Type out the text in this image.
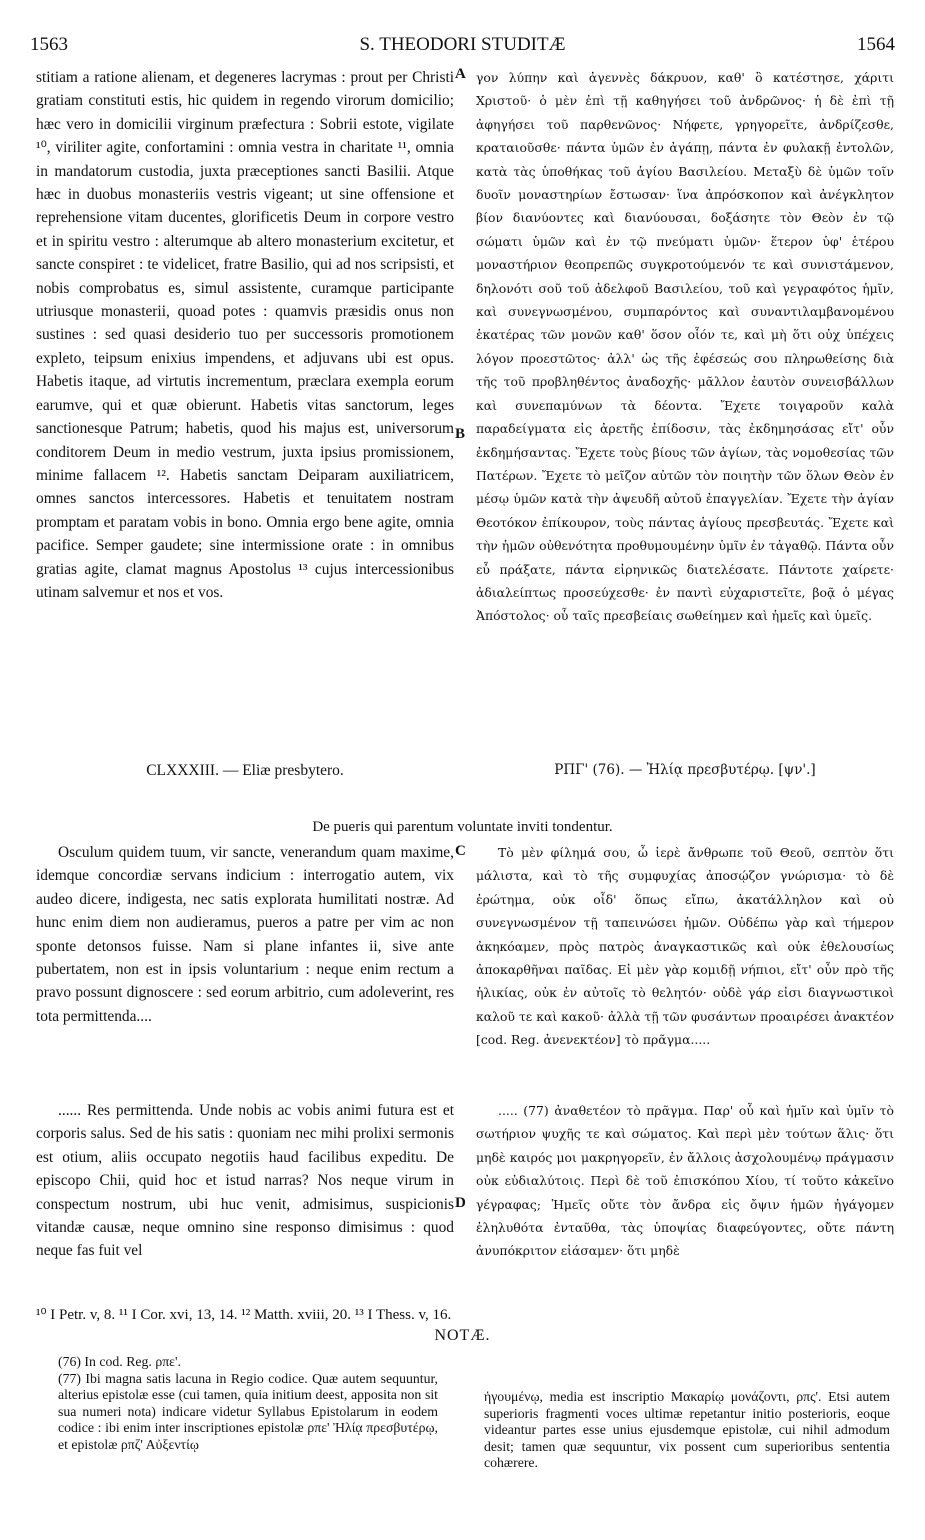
1563	S. THEODORI STUDITÆ	1564

stitiam a ratione alienam, et degeneres lacrymas : prout per Christi gratiam constituti estis, hic quidem in regendo virorum domicilio; hæc vero in domicilii virginum præfectura : Sobrii estote, vigilate ¹⁰, viriliter agite, confortamini : omnia vestra in charitate ¹¹, omnia in mandatorum custodia, juxta præceptiones sancti Basilii. Atque hæc in duobus monasteriis vestris vigeant; ut sine offensione et reprehensione vitam ducentes, glorificetis Deum in corpore vestro et in spiritu vestro : alterumque ab altero monasterium excitetur, et sancte conspiret : te videlicet, fratre Basilio, qui ad nos scripsisti, et nobis comprobatus es, simul assistente, curamque participante utriusque monasterii, quoad potes : quamvis præsidis onus non sustines : sed quasi desiderio tuo per successoris promotionem expleto, teipsum enixius impendens, et adjuvans ubi est opus. Habetis itaque, ad virtutis incrementum, præclara exempla eorum earumve, qui et quæ obierunt. Habetis vitas sanctorum, leges sanctionesque Patrum; habetis, quod his majus est, universorum conditorem Deum in medio vestrum, juxta ipsius promissionem, minime fallacem ¹². Habetis sanctam Deiparam auxiliatricem, omnes sanctos intercessores. Habetis et tenuitatem nostram promptam et paratam vobis in bono. Omnia ergo bene agite, omnia pacifice. Semper gaudete; sine intermissione orate : in omnibus gratias agite, clamat magnus Apostolus ¹³ cujus intercessionibus utinam salvemur et nos et vos.

γον λύπην καὶ ἀγεννὲς δάκρυον, καθ' ὃ κατέστησε, χάριτι Χριστοῦ· ὁ μὲν ἐπὶ τῇ καθηγήσει τοῦ ἀνδρῶνος· ἡ δὲ ἐπὶ τῇ ἀφηγήσει τοῦ παρθενῶνος· Νήφετε, γρηγορεῖτε, ἀνδρίζεσθε, κραταιοῦσθε· πάντα ὑμῶν ἐν ἀγάπῃ, πάντα ἐν φυλακῇ ἐντολῶν, κατὰ τὰς ὑποθήκας τοῦ ἁγίου Βασιλείου. Μεταξὺ δὲ ὑμῶν τοῖν δυοῖν μοναστηρίων ἔστωσαν· ἵνα ἀπρόσκοπον καὶ ἀνέγκλητον βίον διανύοντες καὶ διανύουσαι, δοξάσητε τὸν Θεὸν ἐν τῷ σώματι ὑμῶν καὶ ἐν τῷ πνεύματι ὑμῶν· ἕτερον ὑφ' ἑτέρου μοναστήριον θεοπρεπῶς συγκροτούμενόν τε καὶ συνιστάμενον, δηλονότι σοῦ τοῦ ἀδελφοῦ Βασιλείου, τοῦ καὶ γεγραφότος ἡμῖν, καὶ συνεγνωσμένου, συμπαρόντος καὶ συναντιλαμβανομένου ἑκατέρας τῶν μονῶν καθ' ὅσον οἷόν τε, καὶ μὴ ὅτι οὐχ ὑπέχεις λόγον προεστῶτος· ἀλλ' ὡς τῆς ἐφέσεώς σου πληρωθείσης διὰ τῆς τοῦ προβληθέντος ἀναδοχῆς· μᾶλλον ἑαυτὸν συνεισβάλλων καὶ συνεπαμύνων τὰ δέοντα. Ἔχετε τοιγαροῦν καλὰ παραδείγματα εἰς ἀρετῆς ἐπίδοσιν, τὰς ἐκδημησάσας εἴτ' οὖν ἐκδημήσαντας. Ἔχετε τοὺς βίους τῶν ἁγίων, τὰς νομοθεσίας τῶν Πατέρων. Ἔχετε τὸ μεῖζον αὐτῶν τὸν ποιητὴν τῶν ὅλων Θεὸν ἐν μέσῳ ὑμῶν κατὰ τὴν ἀψευδῆ αὐτοῦ ἐπαγγελίαν. Ἔχετε τὴν ἁγίαν Θεοτόκον ἐπίκουρον, τοὺς πάντας ἁγίους πρεσβευτάς. Ἔχετε καὶ τὴν ἡμῶν οὐθενότητα προθυμουμένην ὑμῖν ἐν τἀγαθῷ. Πάντα οὖν εὖ πράξατε, πάντα εἰρηνικῶς διατελέσατε. Πάντοτε χαίρετε· ἀδιαλείπτως προσεύχεσθε· ἐν παντὶ εὐχαριστεῖτε, βοᾷ ὁ μέγας Ἀπόστολος· οὗ ταῖς πρεσβείαις σωθείημεν καὶ ἡμεῖς καὶ ὑμεῖς.

A
B
C
D
CLXXXIII. — Eliæ presbytero.	ΡΠΓ' (76). — Ἠλίᾳ πρεσβυτέρῳ. [ψν'.]
De pueris qui parentum voluntate inviti tondentur.

Osculum quidem tuum, vir sancte, venerandum quam maxime, idemque concordiæ servans indicium : interrogatio autem, vix audeo dicere, indigesta, nec satis explorata humilitati nostræ. Ad hunc enim diem non audieramus, pueros a patre per vim ac non sponte detonsos fuisse. Nam si plane infantes ii, sive ante pubertatem, non est in ipsis voluntarium : neque enim rectum a pravo possunt dignoscere : sed eorum arbitrio, cum adoleverint, res tota permittenda....

Τὸ μὲν φίλημά σου, ὦ ἱερὲ ἄνθρωπε τοῦ Θεοῦ, σεπτὸν ὅτι μάλιστα, καὶ τὸ τῆς συμφυχίας ἀποσῴζον γνώρισμα· τὸ δὲ ἐρώτημα, οὐκ οἶδ' ὅπως εἴπω, ἀκατάλληλον καὶ οὐ συνεγνωσμένον τῇ ταπεινώσει ἡμῶν. Οὐδέπω γὰρ καὶ τήμερον ἀκηκόαμεν, πρὸς πατρὸς ἀναγκαστικῶς καὶ οὐκ ἐθελουσίως ἀποκαρθῆναι παῖδας. Εἰ μὲν γὰρ κομιδῇ νήπιοι, εἴτ' οὖν πρὸ τῆς ἡλικίας, οὐκ ἐν αὐτοῖς τὸ θελητόν· οὐδὲ γάρ εἰσι διαγνωστικοὶ καλοῦ τε καὶ κακοῦ· ἀλλὰ τῇ τῶν φυσάντων προαιρέσει ἀνακτέον [cod. Reg. ἀνενεκτέον] τὸ πρᾶγμα.....

...... Res permittenda. Unde nobis ac vobis animi futura est et corporis salus. Sed de his satis : quoniam nec mihi prolixi sermonis est otium, aliis occupato negotiis haud facilibus expeditu. De episcopo Chii, quid hoc et istud narras? Nos neque virum in conspectum nostrum, ubi huc venit, admisimus, suspicionis vitandæ causæ, neque omnino sine responso dimisimus : quod neque fas fuit vel

..... (77) ἀναθετέον τὸ πρᾶγμα. Παρ' οὗ καὶ ἡμῖν καὶ ὑμῖν τὸ σωτήριον ψυχῆς τε καὶ σώματος. Καὶ περὶ μὲν τούτων ἅλις· ὅτι μηδὲ καιρός μοι μακρηγορεῖν, ἐν ἄλλοις ἀσχολουμένῳ πράγμασιν οὐκ εὐδιαλύτοις. Περὶ δὲ τοῦ ἐπισκόπου Χίου, τί τοῦτο κἀκεῖνο γέγραφας; Ἡμεῖς οὔτε τὸν ἄνδρα εἰς ὄψιν ἡμῶν ἠγάγομεν ἐληλυθότα ἐνταῦθα, τὰς ὑποψίας διαφεύγοντες, οὔτε πάντη ἀνυπόκριτον εἰάσαμεν· ὅτι μηδὲ

¹⁰ I Petr. v, 8. ¹¹ I Cor. xvi, 13, 14. ¹² Matth. xviii, 20. ¹³ I Thess. v, 16.
NOTÆ.

(76) In cod. Reg. ρπε'.

(77) Ibi magna satis lacuna in Regio codice. Quæ autem sequuntur, alterius epistolæ esse (cui tamen, quia initium deest, apposita non sit sua numeri nota) indicare videtur Syllabus Epistolarum in eodem codice : ibi enim inter inscriptiones epistolæ ρπε' Ἠλίᾳ πρεσβυτέρῳ, et epistolæ ρπζ' Αὐξεντίῳ

ἡγουμένῳ, media est inscriptio Μακαρίῳ μονάζοντι, ρπς'. Etsi autem superioris fragmenti voces ultimæ repetantur initio posterioris, eoque videantur partes esse unius ejusdemque epistolæ, cui nihil admodum desit; tamen quæ sequuntur, vix possent cum superioribus sententia cohærere.
